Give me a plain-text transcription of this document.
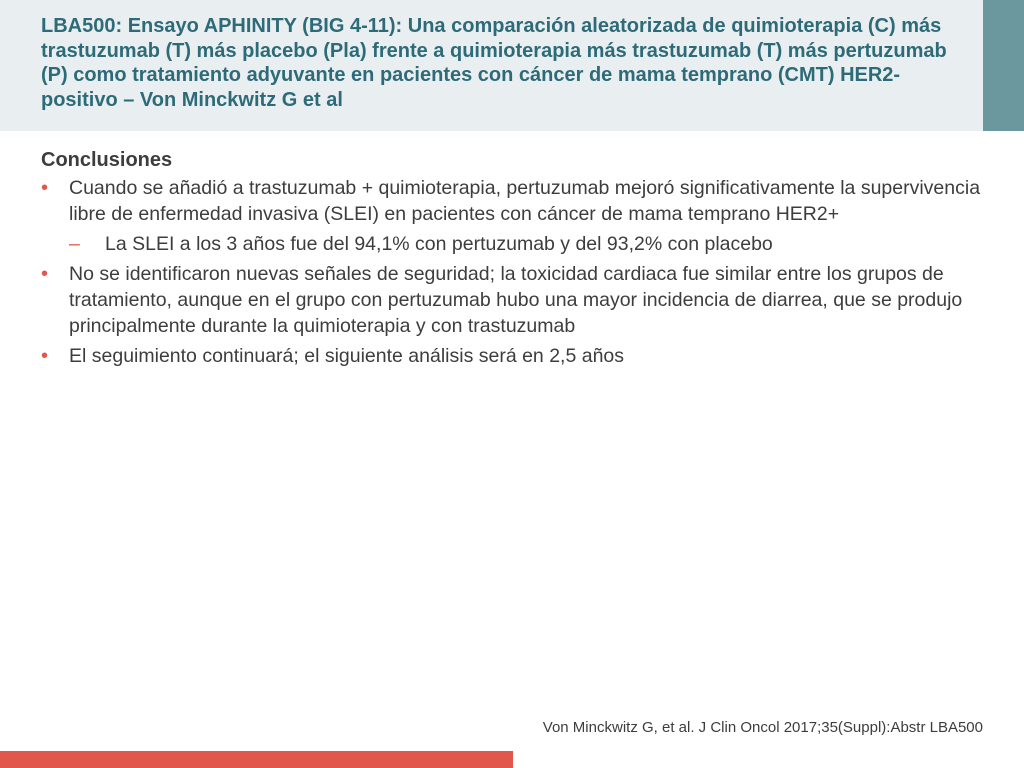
LBA500: Ensayo APHINITY (BIG 4-11): Una comparación aleatorizada de quimioterapia (C) más trastuzumab (T) más placebo (Pla) frente a quimioterapia más trastuzumab (T) más pertuzumab (P) como tratamiento adyuvante en pacientes con cáncer de mama temprano (CMT) HER2-positivo – Von Minckwitz G et al
Conclusiones
•	Cuando se añadió a trastuzumab + quimioterapia, pertuzumab mejoró significativamente la supervivencia libre de enfermedad invasiva (SLEI) en pacientes con cáncer de mama temprano HER2+
– La SLEI a los 3 años fue del 94,1% con pertuzumab y del 93,2% con placebo
•	No se identificaron nuevas señales de seguridad; la toxicidad cardiaca fue similar entre los grupos de tratamiento, aunque en el grupo con pertuzumab hubo una mayor incidencia de diarrea, que se produjo principalmente durante la quimioterapia y con trastuzumab
•	El seguimiento continuará; el siguiente análisis será en 2,5 años

Von Minckwitz G, et al. J Clin Oncol 2017;35(Suppl):Abstr LBA500
